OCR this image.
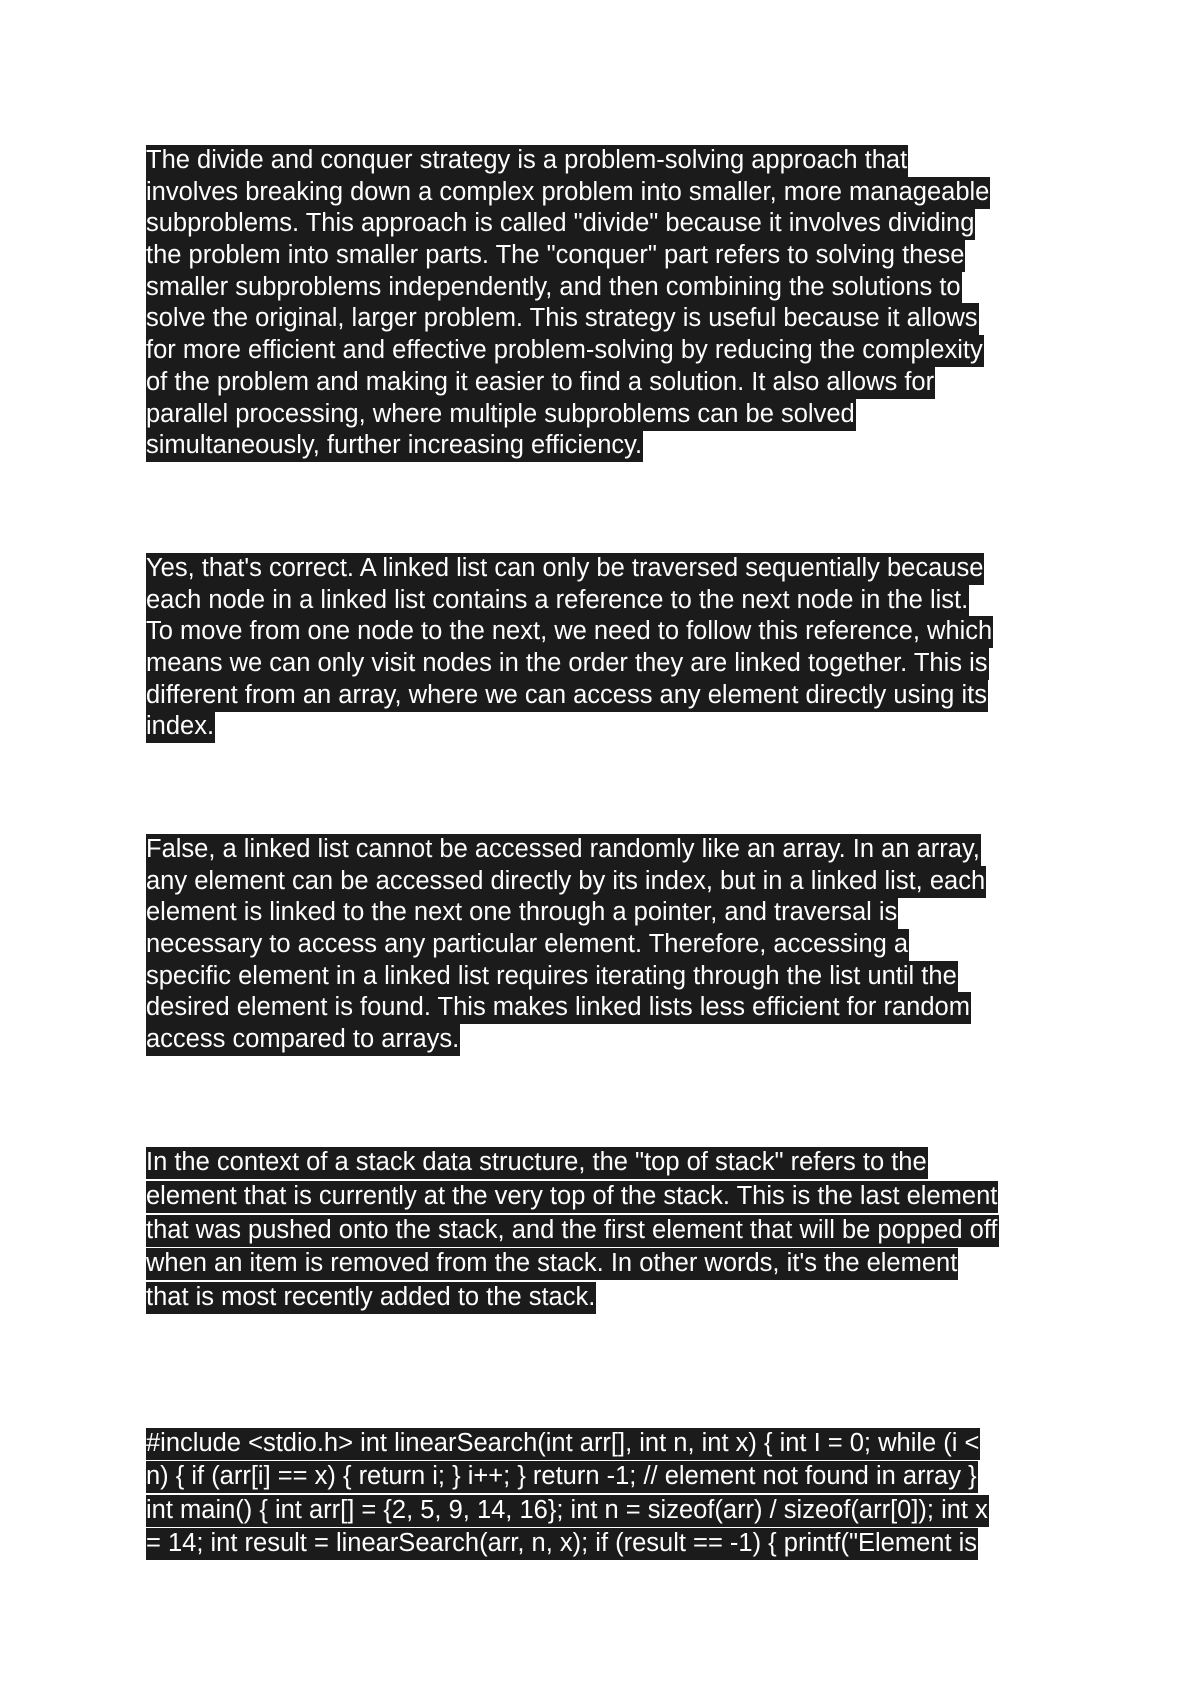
The divide and conquer strategy is a problem-solving approach that
involves breaking down a complex problem into smaller, more manageable
subproblems. This approach is called "divide" because it involves dividing
the problem into smaller parts. The "conquer" part refers to solving these
smaller subproblems independently, and then combining the solutions to
solve the original, larger problem. This strategy is useful because it allows
for more efficient and effective problem-solving by reducing the complexity
of the problem and making it easier to find a solution. It also allows for
parallel processing, where multiple subproblems can be solved
simultaneously, further increasing efficiency.
Yes, that's correct. A linked list can only be traversed sequentially because
each node in a linked list contains a reference to the next node in the list.
To move from one node to the next, we need to follow this reference, which
means we can only visit nodes in the order they are linked together. This is
different from an array, where we can access any element directly using its
index.
False, a linked list cannot be accessed randomly like an array. In an array,
any element can be accessed directly by its index, but in a linked list, each
element is linked to the next one through a pointer, and traversal is
necessary to access any particular element. Therefore, accessing a
specific element in a linked list requires iterating through the list until the
desired element is found. This makes linked lists less efficient for random
access compared to arrays.
In the context of a stack data structure, the "top of stack" refers to the
element that is currently at the very top of the stack. This is the last element
that was pushed onto the stack, and the first element that will be popped off
when an item is removed from the stack. In other words, it's the element
that is most recently added to the stack.
#include <stdio.h> int linearSearch(int arr[], int n, int x) { int I = 0; while (i <
n) { if (arr[i] == x) { return i; } i++; } return -1; // element not found in array }
int main() { int arr[] = {2, 5, 9, 14, 16}; int n = sizeof(arr) / sizeof(arr[0]); int x
= 14; int result = linearSearch(arr, n, x); if (result == -1) { printf("Element is
